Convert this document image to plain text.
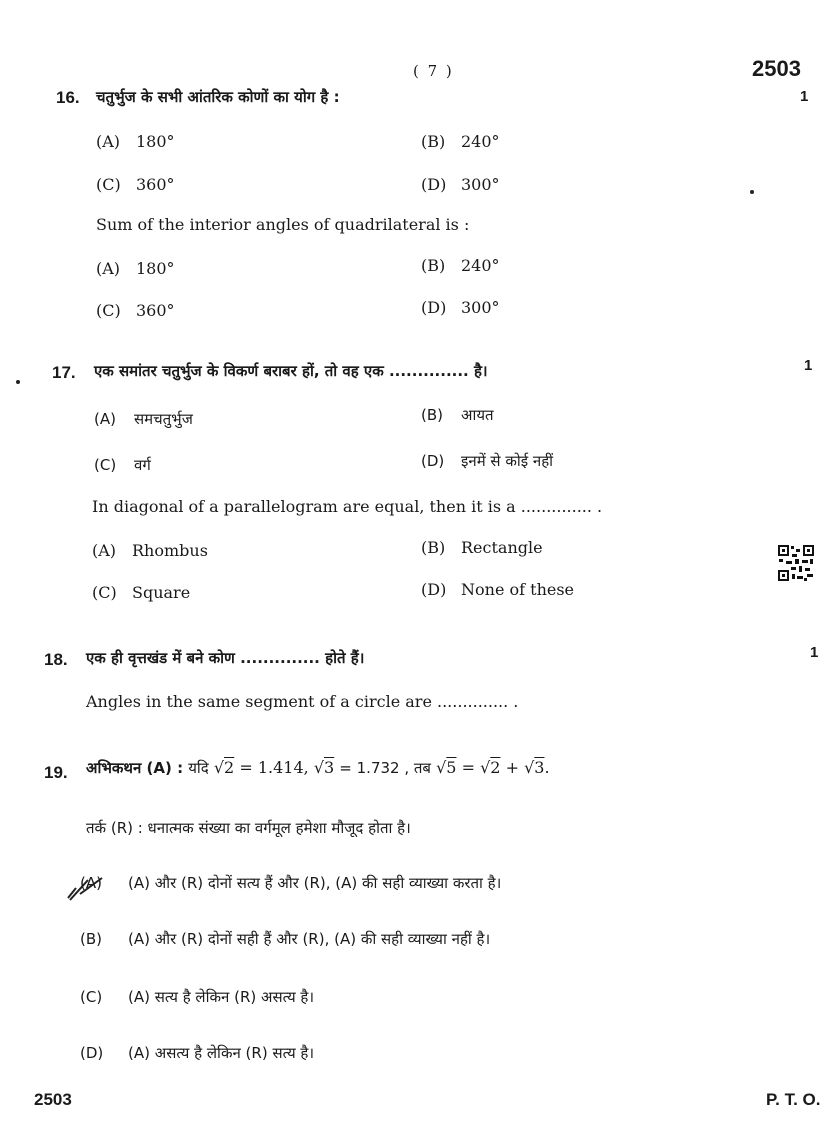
( 7 )	2503
16. चतुर्भुज के सभी आंतरिक कोणों का योग है :	1
(A) 180°	(B) 240°
(C) 360°	(D) 300°
Sum of the interior angles of quadrilateral is :
(A) 180°	(B) 240°
(C) 360°	(D) 300°
17. एक समांतर चतुर्भुज के विकर्ण बराबर हों, तो वह एक .............. है।	1
(A) समचतुर्भुज	(B) आयत
(C) वर्ग	(D) इनमें से कोई नहीं
In diagonal of a parallelogram are equal, then it is a .............. .
(A) Rhombus	(B) Rectangle
(C) Square	(D) None of these
18. एक ही वृत्तखंड में बने कोण .............. होते हैं।	1
Angles in the same segment of a circle are .............. .
19. अभिकथन (A) : यदि √2 = 1.414, √3 = 1.732 , तब √5 = √2 + √3.
तर्क (R) : धनात्मक संख्या का वर्गमूल हमेशा मौजूद होता है।
(A) (A) और (R) दोनों सत्य हैं और (R), (A) की सही व्याख्या करता है।
(B) (A) और (R) दोनों सही हैं और (R), (A) की सही व्याख्या नहीं है।
(C) (A) सत्य है लेकिन (R) असत्य है।
(D) (A) असत्य है लेकिन (R) सत्य है।
2503	P. T. O.
